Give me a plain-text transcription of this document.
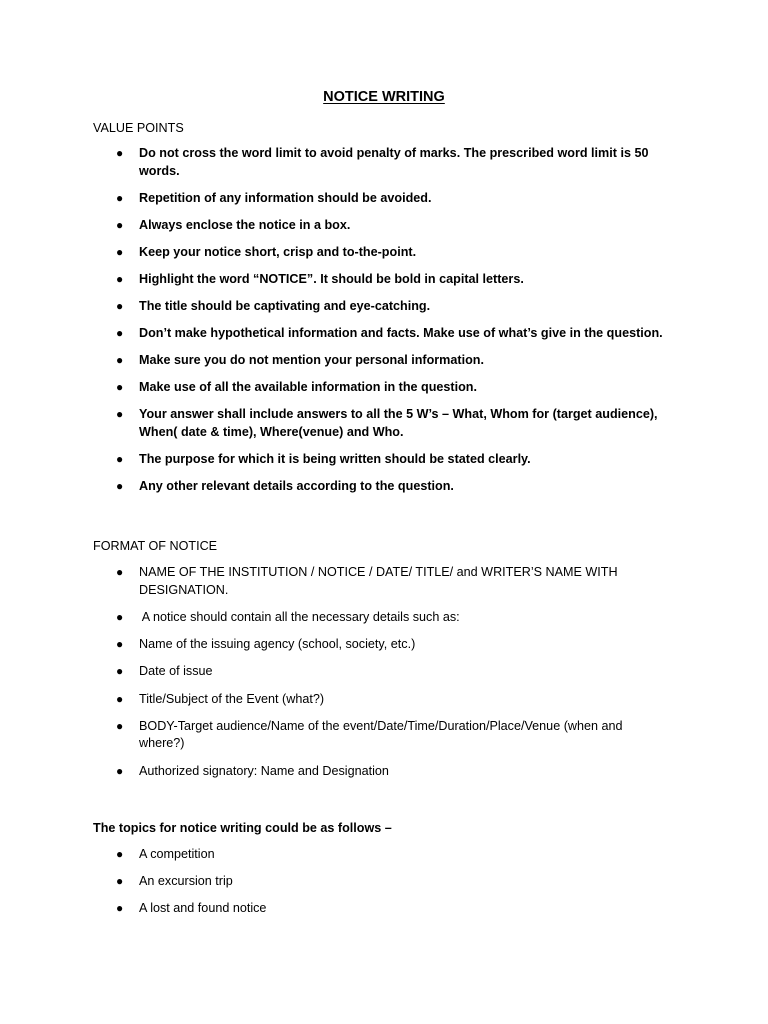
NOTICE WRITING
VALUE POINTS
● Do not cross the word limit to avoid penalty of marks. The prescribed word limit is 50 words.
● Repetition of any information should be avoided.
● Always enclose the notice in a box.
● Keep your notice short, crisp and to-the-point.
● Highlight the word “NOTICE”. It should be bold in capital letters.
● The title should be captivating and eye-catching.
● Don’t make hypothetical information and facts. Make use of what’s give in the question.
● Make sure you do not mention your personal information.
● Make use of all the available information in the question.
● Your answer shall include answers to all the 5 W’s – What, Whom for (target audience), When( date & time), Where(venue) and Who.
● The purpose for which it is being written should be stated clearly.
● Any other relevant details according to the question.
FORMAT OF NOTICE
● NAME OF THE INSTITUTION / NOTICE / DATE/ TITLE/ and WRITER’S NAME WITH DESIGNATION.
● A notice should contain all the necessary details such as:
● Name of the issuing agency (school, society, etc.)
● Date of issue
● Title/Subject of the Event (what?)
● BODY-Target audience/Name of the event/Date/Time/Duration/Place/Venue (when and where?)
● Authorized signatory: Name and Designation
The topics for notice writing could be as follows –
● A competition
● An excursion trip
● A lost and found notice
